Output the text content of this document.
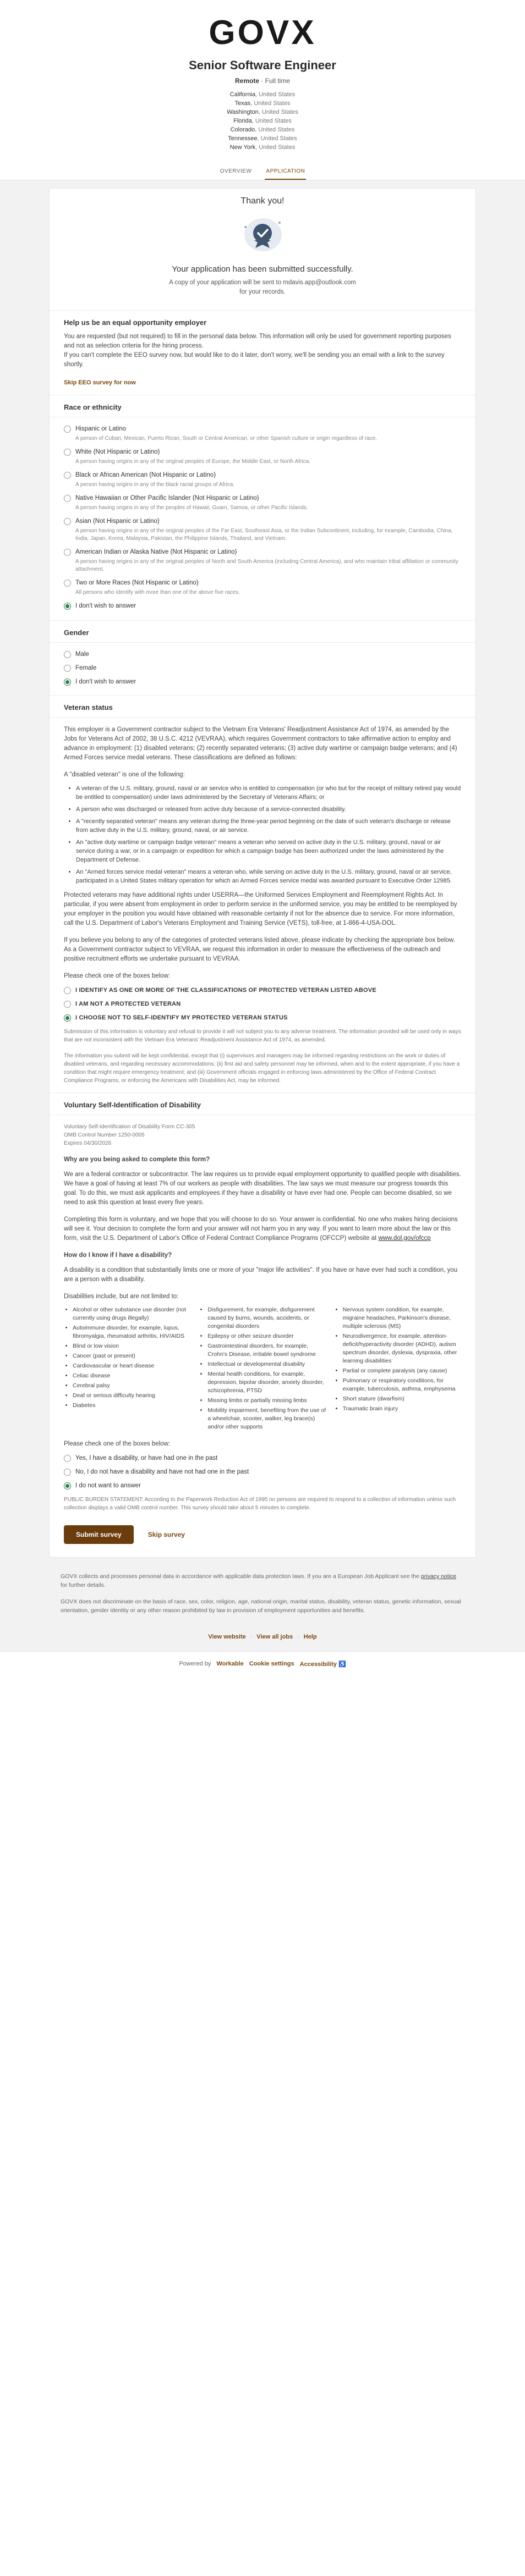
GOVX
Senior Software Engineer
Remote · Full time
California, United States
Texas, United States
Washington, United States
Florida, United States
Colorado, United States
Tennessee, United States
New York, United States
OVERVIEW	APPLICATION
Thank you!
Your application has been submitted successfully.
A copy of your application will be sent to mdavis.app@outlook.com
for your records.
Help us be an equal opportunity employer

You are requested (but not required) to fill in the personal data below. This information will only be used for government reporting purposes and not as selection criteria for the hiring process.

If you can't complete the EEO survey now, but would like to do it later, don't worry, we'll be sending you an email with a link to the survey shortly.

Skip EEO survey for now
Race or ethnicity
Hispanic or Latino
A person of Cuban, Mexican, Puerto Rican, South or Central American, or other Spanish culture or origin regardless of race.
White (Not Hispanic or Latino)
A person having origins in any of the original peoples of Europe, the Middle East, or North Africa.
Black or African American (Not Hispanic or Latino)
A person having origins in any of the black racial groups of Africa.
Native Hawaiian or Other Pacific Islander (Not Hispanic or Latino)
A person having origins in any of the peoples of Hawaii, Guam, Samoa, or other Pacific Islands.
Asian (Not Hispanic or Latino)
A person having origins in any of the original peoples of the Far East, Southeast Asia, or the Indian Subcontinent, including, for example, Cambodia, China, India, Japan, Korea, Malaysia, Pakistan, the Philippine Islands, Thailand, and Vietnam.
American Indian or Alaska Native (Not Hispanic or Latino)
A person having origins in any of the original peoples of North and South America (including Central America), and who maintain tribal affiliation or community attachment.
Two or More Races (Not Hispanic or Latino)
All persons who identify with more than one of the above five races.
I don't wish to answer
Gender
Male
Female
I don't wish to answer
Veteran status

This employer is a Government contractor subject to the Vietnam Era Veterans' Readjustment Assistance Act of 1974, as amended by the Jobs for Veterans Act of 2002, 38 U.S.C. 4212 (VEVRAA), which requires Government contractors to take affirmative action to employ and advance in employment: (1) disabled veterans; (2) recently separated veterans; (3) active duty wartime or campaign badge veterans; and (4) Armed Forces service medal veterans. These classifications are defined as follows:

A "disabled veteran" is one of the following:

• A veteran of the U.S. military, ground, naval or air service who is entitled to compensation (or who but for the receipt of military retired pay would be entitled to compensation) under laws administered by the Secretary of Veterans Affairs; or
• A person who was discharged or released from active duty because of a service-connected disability.
• A "recently separated veteran" means any veteran during the three-year period beginning on the date of such veteran's discharge or release from active duty in the U.S. military, ground, naval, or air service.
• An "active duty wartime or campaign badge veteran" means a veteran who served on active duty in the U.S. military, ground, naval or air service during a war, or in a campaign or expedition for which a campaign badge has been authorized under the laws administered by the Department of Defense.
• An "Armed forces service medal veteran" means a veteran who, while serving on active duty in the U.S. military, ground, naval or air service, participated in a United States military operation for which an Armed Forces service medal was awarded pursuant to Executive Order 12985.

Protected veterans may have additional rights under USERRA—the Uniformed Services Employment and Reemployment Rights Act. In particular, if you were absent from employment in order to perform service in the uniformed service, you may be entitled to be reemployed by your employer in the position you would have obtained with reasonable certainty if not for the absence due to service. For more information, call the U.S. Department of Labor's Veterans Employment and Training Service (VETS), toll-free, at 1-866-4-USA-DOL.

If you believe you belong to any of the categories of protected veterans listed above, please indicate by checking the appropriate box below. As a Government contractor subject to VEVRAA, we request this information in order to measure the effectiveness of the outreach and positive recruitment efforts we undertake pursuant to VEVRAA.

Please check one of the boxes below:

I IDENTIFY AS ONE OR MORE OF THE CLASSIFICATIONS OF PROTECTED VETERAN LISTED ABOVE
I AM NOT A PROTECTED VETERAN
I CHOOSE NOT TO SELF-IDENTIFY MY PROTECTED VETERAN STATUS

Submission of this information is voluntary and refusal to provide it will not subject you to any adverse treatment. The information provided will be used only in ways that are not inconsistent with the Vietnam Era Veterans' Readjustment Assistance Act of 1974, as amended.

The information you submit will be kept confidential, except that (i) supervisors and managers may be informed regarding restrictions on the work or duties of disabled veterans, and regarding necessary accommodations; (ii) first aid and safety personnel may be informed, when and to the extent appropriate, if you have a condition that might require emergency treatment; and (iii) Government officials engaged in enforcing laws administered by the Office of Federal Contract Compliance Programs, or enforcing the Americans with Disabilities Act, may be informed.

Voluntary Self-Identification of Disability
Voluntary Self-Identification of Disability Form CC-305
OMB Control Number 1250-0005
Expires 04/30/2026

Why are you being asked to complete this form?

We are a federal contractor or subcontractor. The law requires us to provide equal employment opportunity to qualified people with disabilities. We have a goal of having at least 7% of our workers as people with disabilities. The law says we must measure our progress towards this goal. To do this, we must ask applicants and employees if they have a disability or have ever had one. People can become disabled, so we need to ask this question at least every five years.

Completing this form is voluntary, and we hope that you will choose to do so. Your answer is confidential. No one who makes hiring decisions will see it. Your decision to complete the form and your answer will not harm you in any way. If you want to learn more about the law or this form, visit the U.S. Department of Labor's Office of Federal Contract Compliance Programs (OFCCP) website at www.dol.gov/ofccp

How do I know if I have a disability?

A disability is a condition that substantially limits one or more of your "major life activities". If you have or have ever had such a condition, you are a person with a disability.

Disabilities include, but are not limited to:

• Alcohol or other substance use disorder (not currently using drugs illegally)
• Autoimmune disorder, for example, lupus, fibromyalgia, rheumatoid arthritis, HIV/AIDS
• Blind or low vision
• Cancer (past or present)
• Cardiovascular or heart disease
• Celiac disease
• Cerebral palsy
• Deaf or serious difficulty hearing
• Diabetes
• Disfigurement, for example, disfigurement caused by burns, wounds, accidents, or congenital disorders
• Epilepsy or other seizure disorder
• Gastrointestinal disorders, for example, Crohn's Disease, irritable bowel syndrome
• Intellectual or developmental disability
• Mental health conditions, for example, depression, bipolar disorder, anxiety disorder, schizophrenia, PTSD
• Missing limbs or partially missing limbs
• Mobility impairment, benefiting from the use of a wheelchair, scooter, walker, leg brace(s) and/or other supports
• Nervous system condition, for example, migraine headaches, Parkinson's disease, multiple sclerosis (MS)
• Neurodivergence, for example, attention-deficit/hyperactivity disorder (ADHD), autism spectrum disorder, dyslexia, dyspraxia, other learning disabilities
• Partial or complete paralysis (any cause)
• Pulmonary or respiratory conditions, for example, tuberculosis, asthma, emphysema
• Short stature (dwarfism)
• Traumatic brain injury

Please check one of the boxes below:

Yes, I have a disability, or have had one in the past
No, I do not have a disability and have not had one in the past
I do not want to answer

PUBLIC BURDEN STATEMENT: According to the Paperwork Reduction Act of 1995 no persons are required to respond to a collection of information unless such collection displays a valid OMB control number. This survey should take about 5 minutes to complete.

Submit survey	Skip survey

GOVX collects and processes personal data in accordance with applicable data protection laws. If you are a European Job Applicant see the privacy notice for further details.

GOVX does not discriminate on the basis of race, sex, color, religion, age, national origin, marital status, disability, veteran status, genetic information, sexual orientation, gender identity or any other reason prohibited by law in provision of employment opportunities and benefits.

View website · View all jobs · Help
Powered by Workable Cookie settings Accessibility ♿
